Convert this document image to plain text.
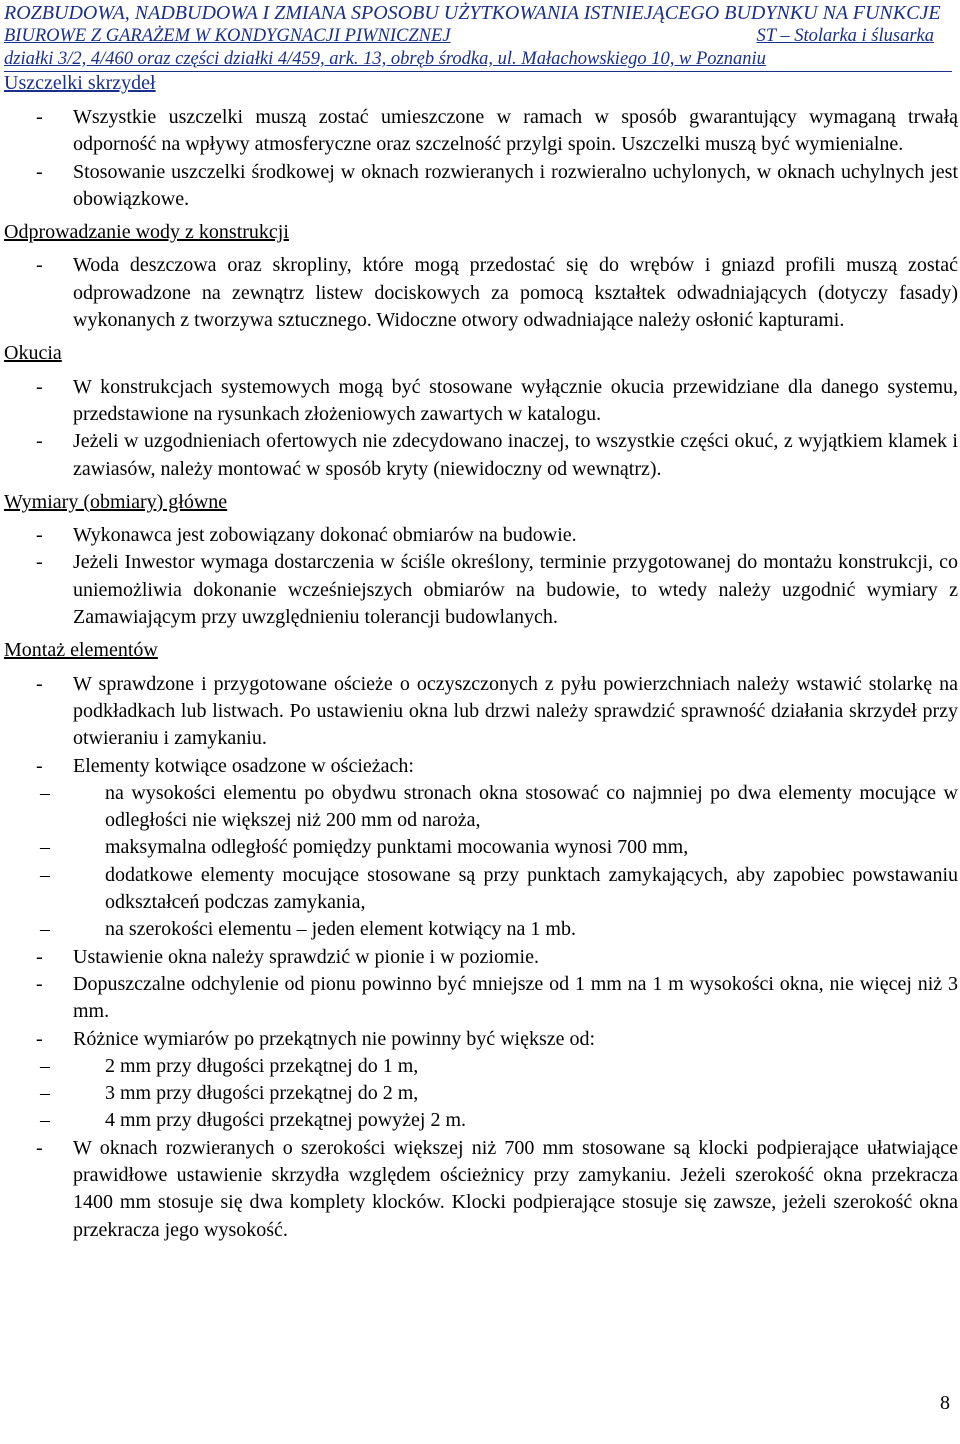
ROZBUDOWA, NADBUDOWA I ZMIANA SPOSOBU UŻYTKOWANIA ISTNIEJĄCEGO BUDYNKU NA FUNKCJE
BIUROWE Z GARAŻEM W KONDYGNACJI PIWNICZNEJ	ST – Stolarka i ślusarka
działki 3/2, 4/460 oraz części działki 4/459, ark. 13, obręb środka, ul. Małachowskiego 10, w Poznaniu
Uszczelki skrzydeł
- Wszystkie uszczelki muszą zostać umieszczone w ramach w sposób gwarantujący wymaganą trwałą odporność na wpływy atmosferyczne oraz szczelność przylgi spoin. Uszczelki muszą być wymienialne.
- Stosowanie uszczelki środkowej w oknach rozwieranych i rozwieralno uchylonych, w oknach uchylnych jest obowiązkowe.
Odprowadzanie wody z konstrukcji
- Woda deszczowa oraz skropliny, które mogą przedostać się do wrębów i gniazd profili muszą zostać odprowadzone na zewnątrz listew dociskowych za pomocą kształtek odwadniających (dotyczy fasady) wykonanych z tworzywa sztucznego. Widoczne otwory odwadniające należy osłonić kapturami.
Okucia
- W konstrukcjach systemowych mogą być stosowane wyłącznie okucia przewidziane dla danego systemu, przedstawione na rysunkach złożeniowych zawartych w katalogu.
- Jeżeli w uzgodnieniach ofertowych nie zdecydowano inaczej, to wszystkie części okuć, z wyjątkiem klamek i zawiasów, należy montować w sposób kryty (niewidoczny od wewnątrz).
Wymiary (obmiary) główne
- Wykonawca jest zobowiązany dokonać obmiarów na budowie.
- Jeżeli Inwestor wymaga dostarczenia w ściśle określony, terminie przygotowanej do montażu konstrukcji, co uniemożliwia dokonanie wcześniejszych obmiarów na budowie, to wtedy należy uzgodnić wymiary z Zamawiającym przy uwzględnieniu tolerancji budowlanych.
Montaż elementów
- W sprawdzone i przygotowane ościeże o oczyszczonych z pyłu powierzchniach należy wstawić stolarkę na podkładkach lub listwach. Po ustawieniu okna lub drzwi należy sprawdzić sprawność działania skrzydeł przy otwieraniu i zamykaniu.
- Elementy kotwiące osadzone w ościeżach:
–	na wysokości elementu po obydwu stronach okna stosować co najmniej po dwa elementy mocujące w odległości nie większej niż 200 mm od naroża,
–	maksymalna odległość pomiędzy punktami mocowania wynosi 700 mm,
–	dodatkowe elementy mocujące stosowane są przy punktach zamykających, aby zapobiec powstawaniu odkształceń podczas zamykania,
–	na szerokości elementu – jeden element kotwiący na 1 mb.
- Ustawienie okna należy sprawdzić w pionie i w poziomie.
- Dopuszczalne odchylenie od pionu powinno być mniejsze od 1 mm na 1 m wysokości okna, nie więcej niż 3 mm.
- Różnice wymiarów po przekątnych nie powinny być większe od:
–	2 mm przy długości przekątnej do 1 m,
–	3 mm przy długości przekątnej do 2 m,
–	4 mm przy długości przekątnej powyżej 2 m.
- W oknach rozwieranych o szerokości większej niż 700 mm stosowane są klocki podpierające ułatwiające prawidłowe ustawienie skrzydła względem ościeżnicy przy zamykaniu. Jeżeli szerokość okna przekracza 1400 mm stosuje się dwa komplety klocków. Klocki podpierające stosuje się zawsze, jeżeli szerokość okna przekracza jego wysokość.
8
